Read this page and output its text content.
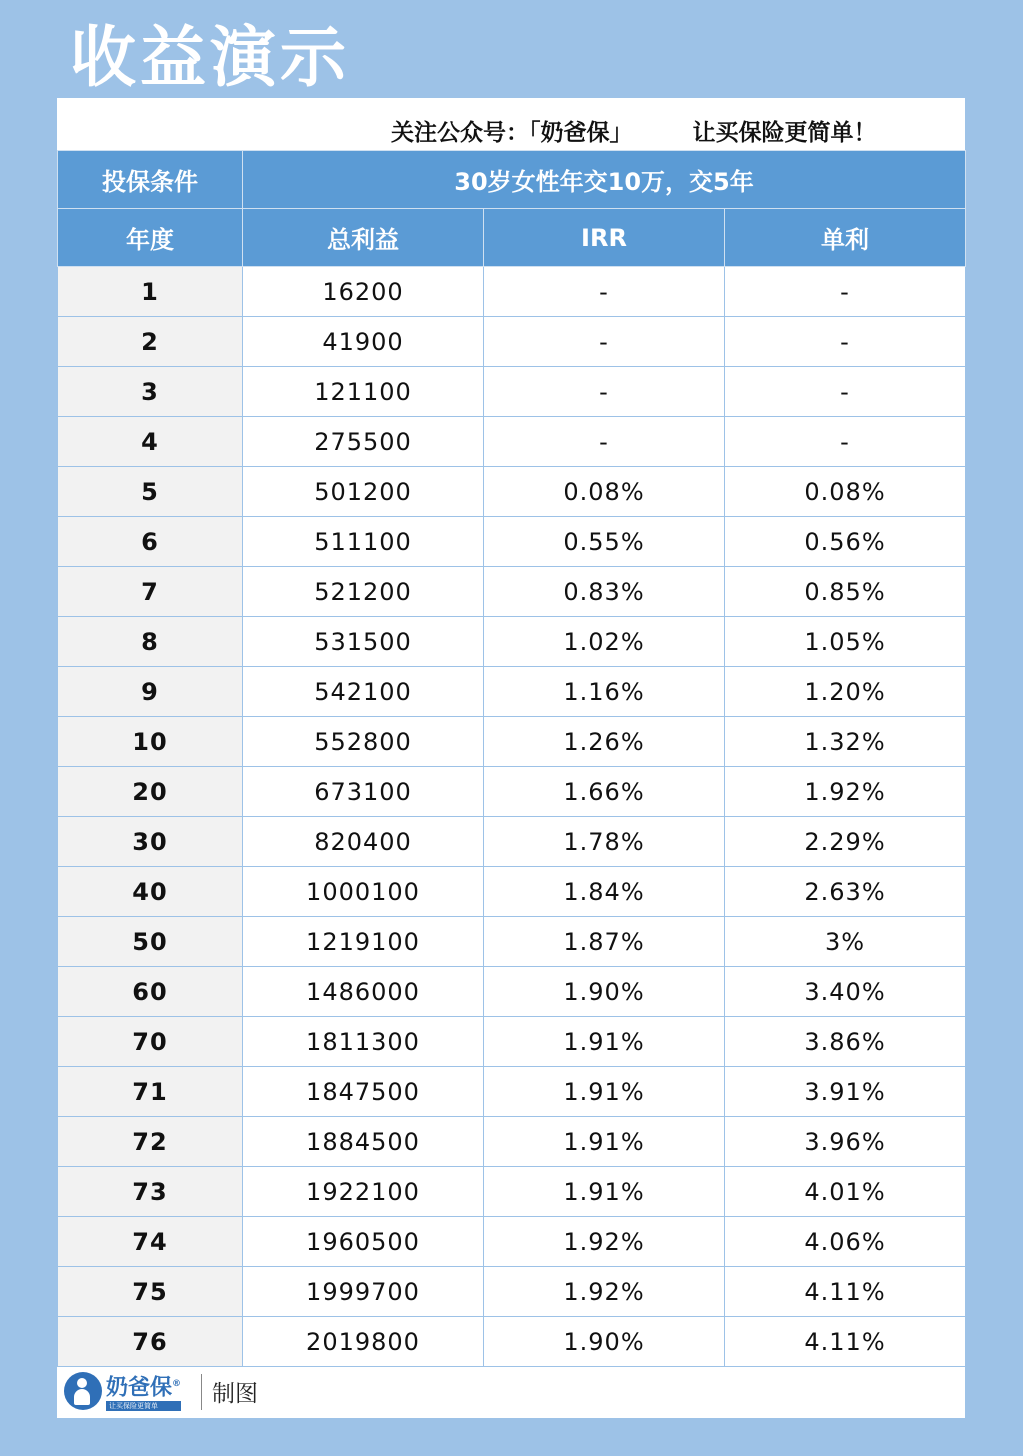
收益演示
关注公众号：「奶爸保」	让买保险更简单！
投保条件	30岁女性年交10万，交5年		
年度	总利益	IRR	单利
1	16200	-	-
2	41900	-	-
3	121100	-	-
4	275500	-	-
5	501200	0.08%	0.08%
6	511100	0.55%	0.56%
7	521200	0.83%	0.85%
8	531500	1.02%	1.05%
9	542100	1.16%	1.20%
10	552800	1.26%	1.32%
20	673100	1.66%	1.92%
30	820400	1.78%	2.29%
40	1000100	1.84%	2.63%
50	1219100	1.87%	3%
60	1486000	1.90%	3.40%
70	1811300	1.91%	3.86%
71	1847500	1.91%	3.91%
72	1884500	1.91%	3.96%
73	1922100	1.91%	4.01%
74	1960500	1.92%	4.06%
75	1999700	1.92%	4.11%
76	2019800	1.90%	4.11%
奶爸保®
让买保险更简单	制图
